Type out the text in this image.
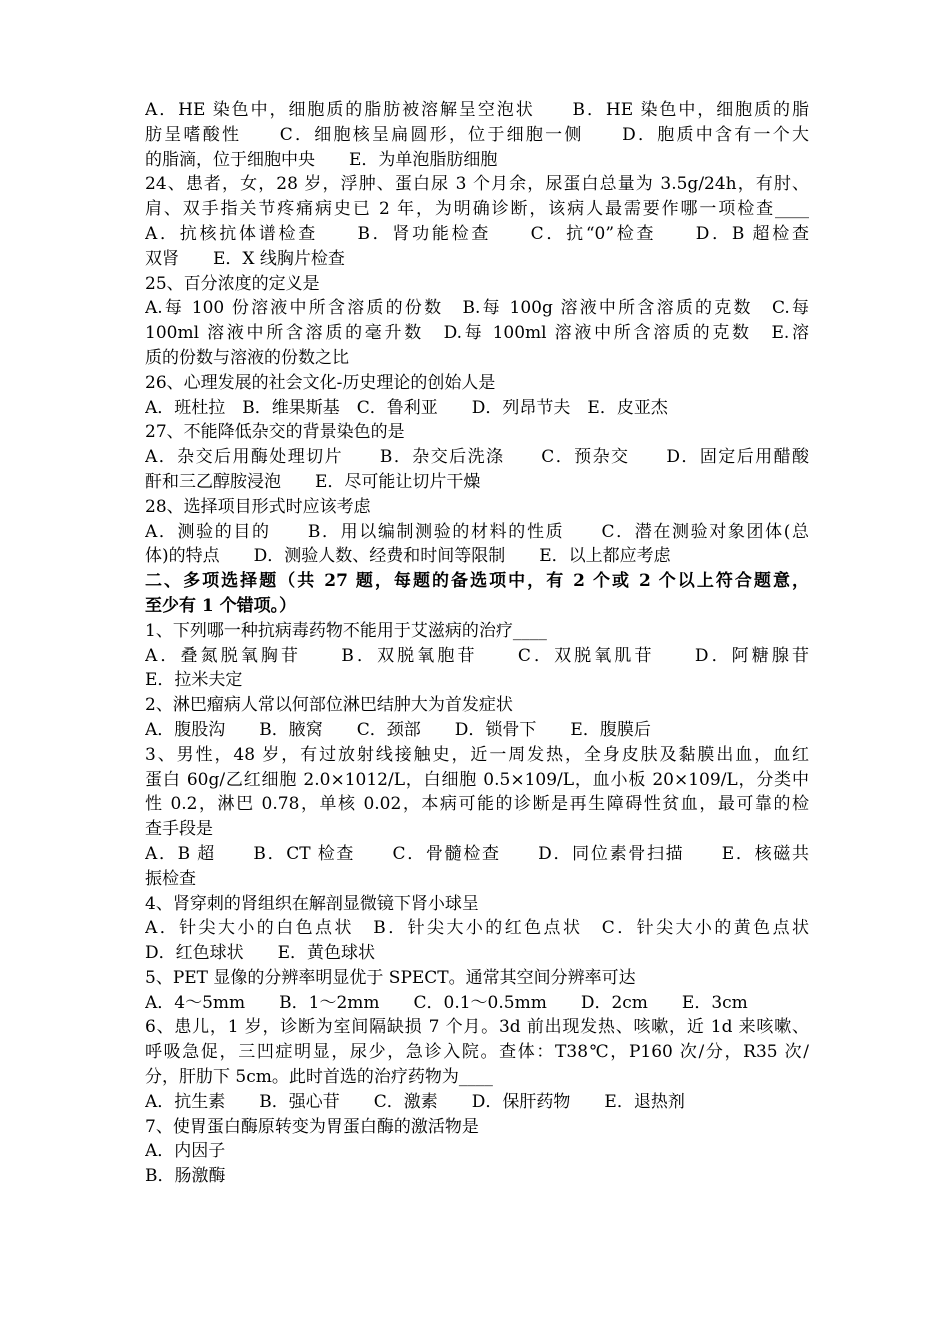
A．HE 染色中，细胞质的脂肪被溶解呈空泡状　　B．HE 染色中，细胞质的脂
肪呈嗜酸性　　C．细胞核呈扁圆形，位于细胞一侧　　D．胞质中含有一个大
的脂滴，位于细胞中央　　E．为单泡脂肪细胞
24、患者，女，28 岁，浮肿、蛋白尿 3 个月余，尿蛋白总量为 3.5g/24h，有肘、
肩、双手指关节疼痛病史已 2 年，为明确诊断，该病人最需要作哪一项检查____
A．抗核抗体谱检查　　B．肾功能检查　　C．抗“0”检查　　D．B 超检查
双肾　　E．X 线胸片检查
25、百分浓度的定义是
A.每 100 份溶液中所含溶质的份数　B.每 100g 溶液中所含溶质的克数　C.每
100ml 溶液中所含溶质的毫升数　D.每 100ml 溶液中所含溶质的克数　E.溶
质的份数与溶液的份数之比
26、心理发展的社会文化-历史理论的创始人是
A．班杜拉　B．维果斯基　C．鲁利亚　　D．列昂节夫　E．皮亚杰
27、不能降低杂交的背景染色的是
A．杂交后用酶处理切片　　B．杂交后洗涤　　C．预杂交　　D．固定后用醋酸
酐和三乙醇胺浸泡　　E．尽可能让切片干燥
28、选择项目形式时应该考虑
A．测验的目的　　B．用以编制测验的材料的性质　　C．潜在测验对象团体(总
体)的特点　　D．测验人数、经费和时间等限制　　E．以上都应考虑
二、多项选择题（共 27 题，每题的备选项中，有 2 个或 2 个以上符合题意，
至少有 1 个错项。）
1、下列哪一种抗病毒药物不能用于艾滋病的治疗____
A．叠氮脱氧胸苷　　B．双脱氧胞苷　　C．双脱氧肌苷　　D．阿糖腺苷
E．拉米夫定
2、淋巴瘤病人常以何部位淋巴结肿大为首发症状
A．腹股沟　　B．腋窝　　C．颈部　　D．锁骨下　　E．腹膜后
3、男性，48 岁，有过放射线接触史，近一周发热，全身皮肤及黏膜出血，血红
蛋白 60g/乙红细胞 2.0×1012/L，白细胞 0.5×109/L，血小板 20×109/L，分类中
性 0.2，淋巴 0.78，单核 0.02，本病可能的诊断是再生障碍性贫血，最可靠的检
查手段是
A．B 超　　B．CT 检查　　C．骨髓检查　　D．同位素骨扫描　　E．核磁共
振检查
4、肾穿刺的肾组织在解剖显微镜下肾小球呈
A．针尖大小的白色点状　B．针尖大小的红色点状　C．针尖大小的黄色点状
D．红色球状　　E．黄色球状
5、PET 显像的分辨率明显优于 SPECT。通常其空间分辨率可达
A．4～5mm　　B．1～2mm　　C．0.1～0.5mm　　D．2cm　　E．3cm
6、患儿，1 岁，诊断为室间隔缺损 7 个月。3d 前出现发热、咳嗽，近 1d 来咳嗽、
呼吸急促，三凹症明显，尿少，急诊入院。查体：T38℃，P160 次/分，R35 次/
分，肝肋下 5cm。此时首选的治疗药物为____
A．抗生素　　B．强心苷　　C．激素　　D．保肝药物　　E．退热剂
7、使胃蛋白酶原转变为胃蛋白酶的激活物是
A．内因子
B．肠激酶
